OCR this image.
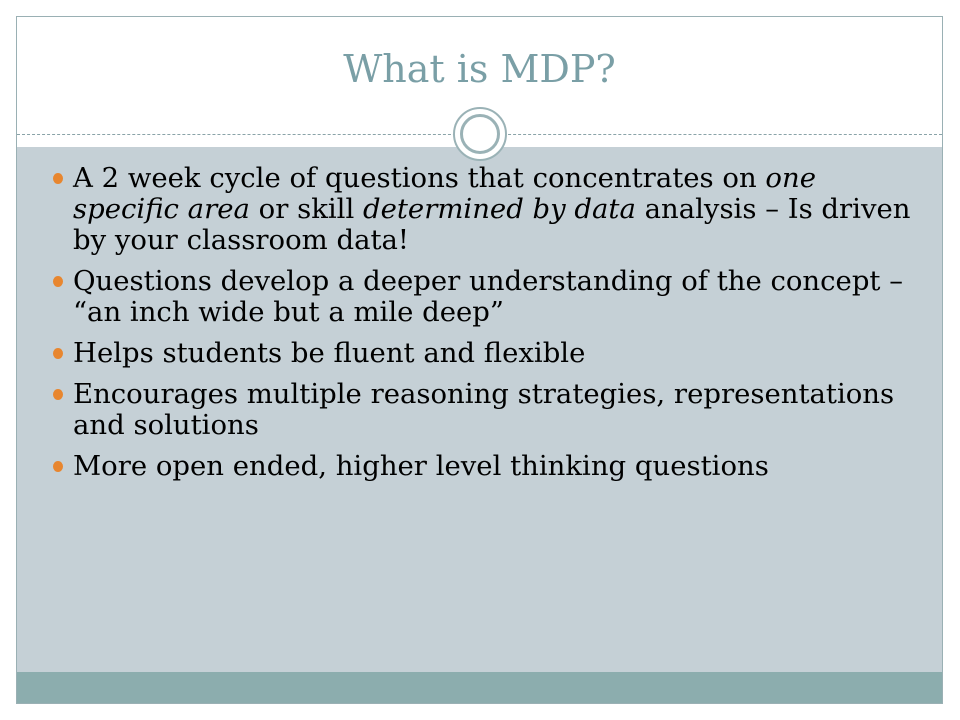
What is MDP?
A 2 week cycle of questions that concentrates on one specific area or skill determined by data analysis – Is driven by your classroom data!
Questions develop a deeper understanding of the concept – “an inch wide but a mile deep”
Helps students be fluent and flexible
Encourages multiple reasoning strategies, representations and solutions
More open ended, higher level thinking questions
